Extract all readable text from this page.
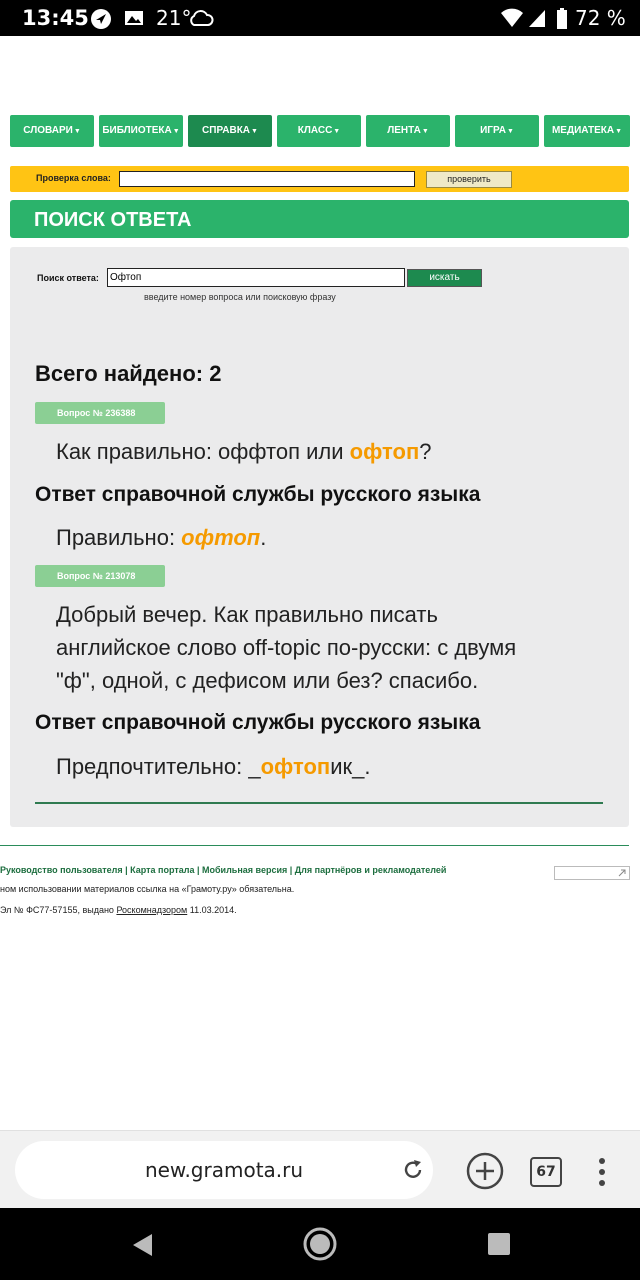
13:45	21°	72 %
СЛОВАРИ▼	БИБЛИОТЕКА▼	СПРАВКА▼	КЛАСС▼	ЛЕНТА▼	ИГРА▼	МЕДИАТЕКА▼
Проверка слова:	проверить
ПОИСК ОТВЕТА
Поиск ответа:	Офтоп	искать
введите номер вопроса или поисковую фразу
Всего найдено: 2
Вопрос № 236388
Как правильно: оффтоп или офтоп?
Ответ справочной службы русского языка
Правильно: офтоп.
Вопрос № 213078
Добрый вечер. Как правильно писать
английское слово off-topic по-русски: с двумя
"ф", одной, с дефисом или без? спасибо.
Ответ справочной службы русского языка
Предпочтительно: _офтопик_.
Руководство пользователя | Карта портала | Мобильная версия | Для партнёров и рекламодателей
ном использовании материалов ссылка на «Грамоту.ру» обязательна.
Эл № ФС77-57155, выдано Роскомнадзором 11.03.2014.
new.gramota.ru	67
